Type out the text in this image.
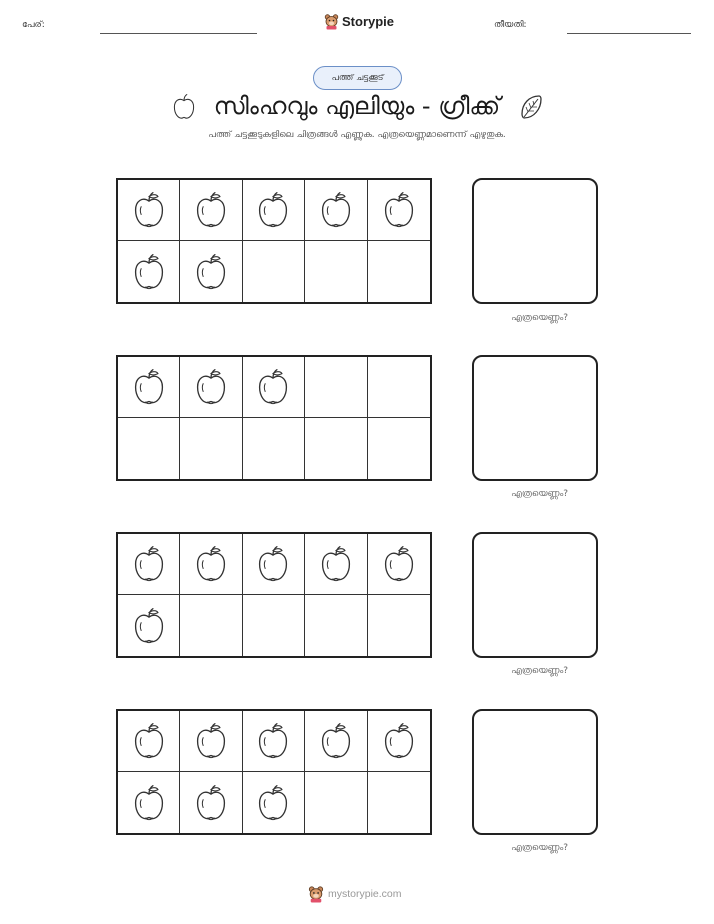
പേര്:	Storypie	തീയതി:
പത്ത് ചട്ടക്കൂട്
സിംഹവും എലിയും - ഗ്രീക്ക്
പത്ത് ചട്ടക്കൂടുകളിലെ ചിത്രങ്ങൾ എണ്ണുക. എത്രയെണ്ണമാണെന്ന് എഴുതുക.
എത്രയെണ്ണം?
എത്രയെണ്ണം?
എത്രയെണ്ണം?
എത്രയെണ്ണം?
mystorypie.com
